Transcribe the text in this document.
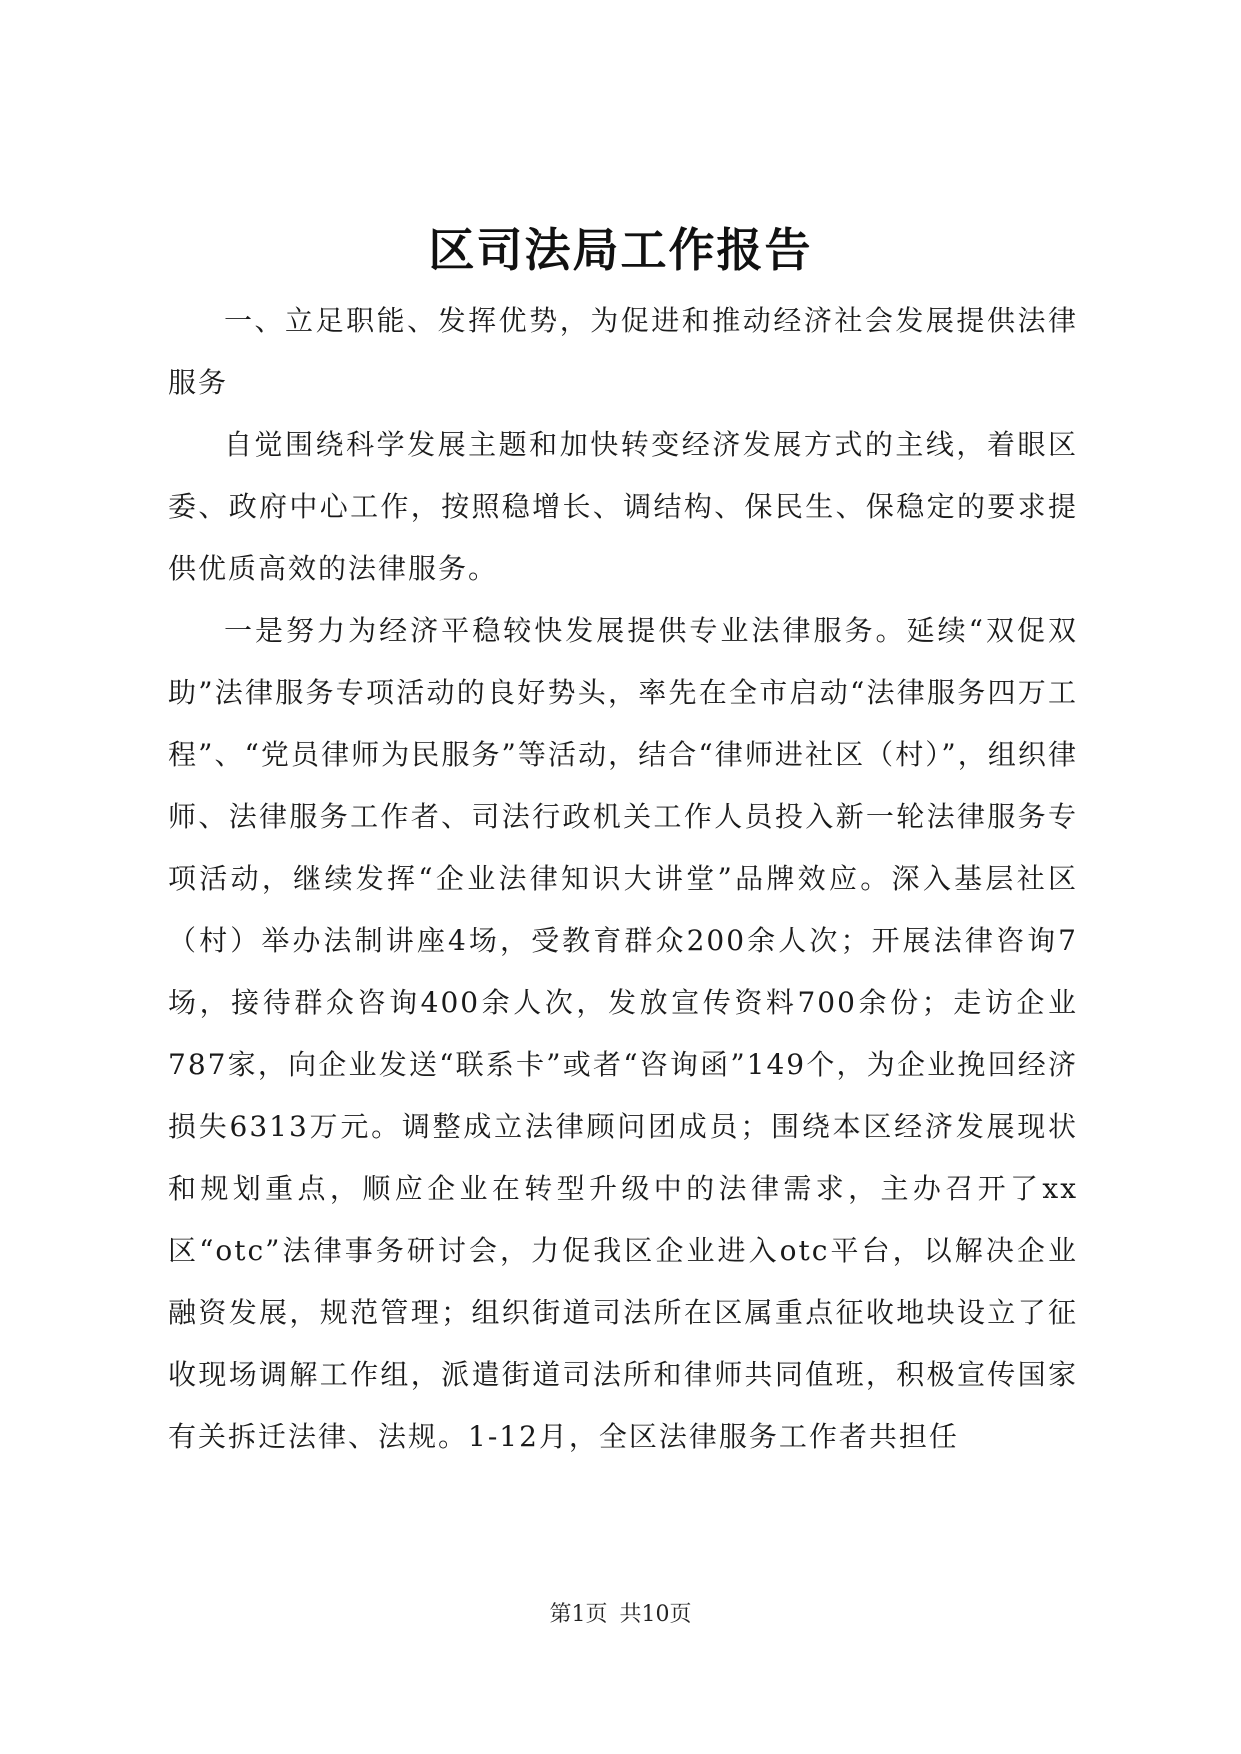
区司法局工作报告

一、立足职能、发挥优势，为促进和推动经济社会发展提供法律服务

自觉围绕科学发展主题和加快转变经济发展方式的主线，着眼区委、政府中心工作，按照稳增长、调结构、保民生、保稳定的要求提供优质高效的法律服务。

一是努力为经济平稳较快发展提供专业法律服务。延续“双促双助”法律服务专项活动的良好势头，率先在全市启动“法律服务四万工程”、“党员律师为民服务”等活动，结合“律师进社区（村）”，组织律师、法律服务工作者、司法行政机关工作人员投入新一轮法律服务专项活动，继续发挥“企业法律知识大讲堂”品牌效应。深入基层社区（村）举办法制讲座4场，受教育群众200余人次；开展法律咨询7场，接待群众咨询400余人次，发放宣传资料700余份；走访企业787家，向企业发送“联系卡”或者“咨询函”149个，为企业挽回经济损失6313万元。调整成立法律顾问团成员；围绕本区经济发展现状和规划重点，顺应企业在转型升级中的法律需求，主办召开了xx区“otc”法律事务研讨会，力促我区企业进入otc平台，以解决企业融资发展，规范管理；组织街道司法所在区属重点征收地块设立了征收现场调解工作组，派遣街道司法所和律师共同值班，积极宣传国家有关拆迁法律、法规。1-12月，全区法律服务工作者共担任

第1页 共10页
